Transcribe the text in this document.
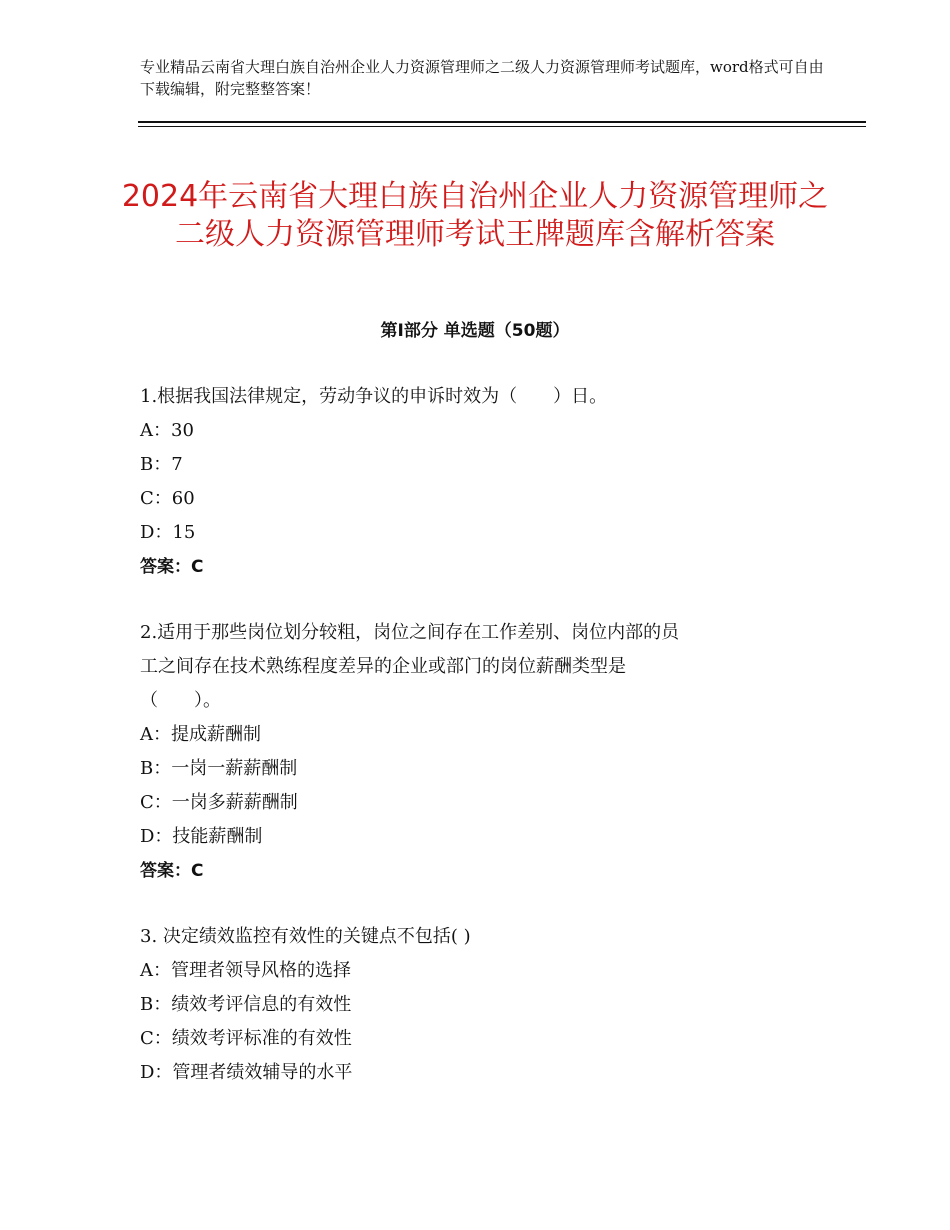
专业精品云南省大理白族自治州企业人力资源管理师之二级人力资源管理师考试题库，word格式可自由下载编辑，附完整整答案！
2024年云南省大理白族自治州企业人力资源管理师之二级人力资源管理师考试王牌题库含解析答案
第Ⅰ部分 单选题（50题）
1.根据我国法律规定，劳动争议的申诉时效为（　　）日。
A：30
B：7
C：60
D：15
答案：C
2.适用于那些岗位划分较粗，岗位之间存在工作差别、岗位内部的员
工之间存在技术熟练程度差异的企业或部门的岗位薪酬类型是
（　　）。
A：提成薪酬制
B：一岗一薪薪酬制
C：一岗多薪薪酬制
D：技能薪酬制
答案：C
3. 决定绩效监控有效性的关键点不包括( )
A：管理者领导风格的选择
B：绩效考评信息的有效性
C：绩效考评标准的有效性
D：管理者绩效辅导的水平
